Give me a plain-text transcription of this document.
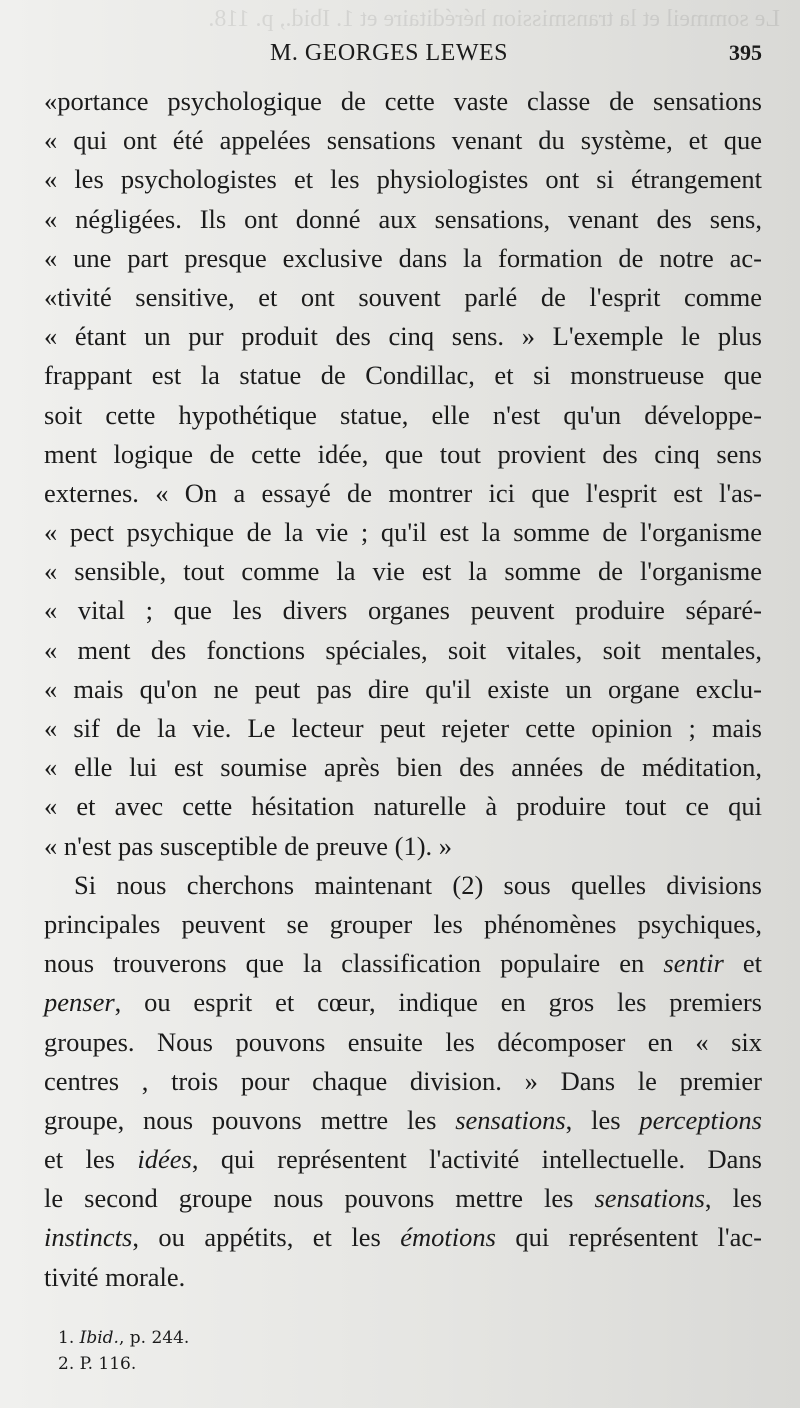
Le sommeil et la transmission héréditaire et 1. Ibid., p. 118.
M. GEORGES LEWES	395
«portance psychologique de cette vaste classe de sensations
« qui ont été appelées sensations venant du système, et que
« les psychologistes et les physiologistes ont si étrangement
« négligées. Ils ont donné aux sensations, venant des sens,
« une part presque exclusive dans la formation de notre ac-
«tivité sensitive, et ont souvent parlé de l'esprit comme
« étant un pur produit des cinq sens. » L'exemple le plus
frappant est la statue de Condillac, et si monstrueuse que
soit cette hypothétique statue, elle n'est qu'un développe-
ment logique de cette idée, que tout provient des cinq sens
externes. « On a essayé de montrer ici que l'esprit est l'as-
« pect psychique de la vie ; qu'il est la somme de l'organisme
« sensible, tout comme la vie est la somme de l'organisme
« vital ; que les divers organes peuvent produire séparé-
« ment des fonctions spéciales, soit vitales, soit mentales,
« mais qu'on ne peut pas dire qu'il existe un organe exclu-
« sif de la vie. Le lecteur peut rejeter cette opinion ; mais
« elle lui est soumise après bien des années de méditation,
« et avec cette hésitation naturelle à produire tout ce qui
« n'est pas susceptible de preuve (1). »
Si nous cherchons maintenant (2) sous quelles divisions
principales peuvent se grouper les phénomènes psychiques,
nous trouverons que la classification populaire en sentir et
penser, ou esprit et cœur, indique en gros les premiers
groupes. Nous pouvons ensuite les décomposer en « six
centres , trois pour chaque division. » Dans le premier
groupe, nous pouvons mettre les sensations, les perceptions
et les idées, qui représentent l'activité intellectuelle. Dans
le second groupe nous pouvons mettre les sensations, les
instincts, ou appétits, et les émotions qui représentent l'ac-
tivité morale.
1. Ibid., p. 244.
2. P. 116.
